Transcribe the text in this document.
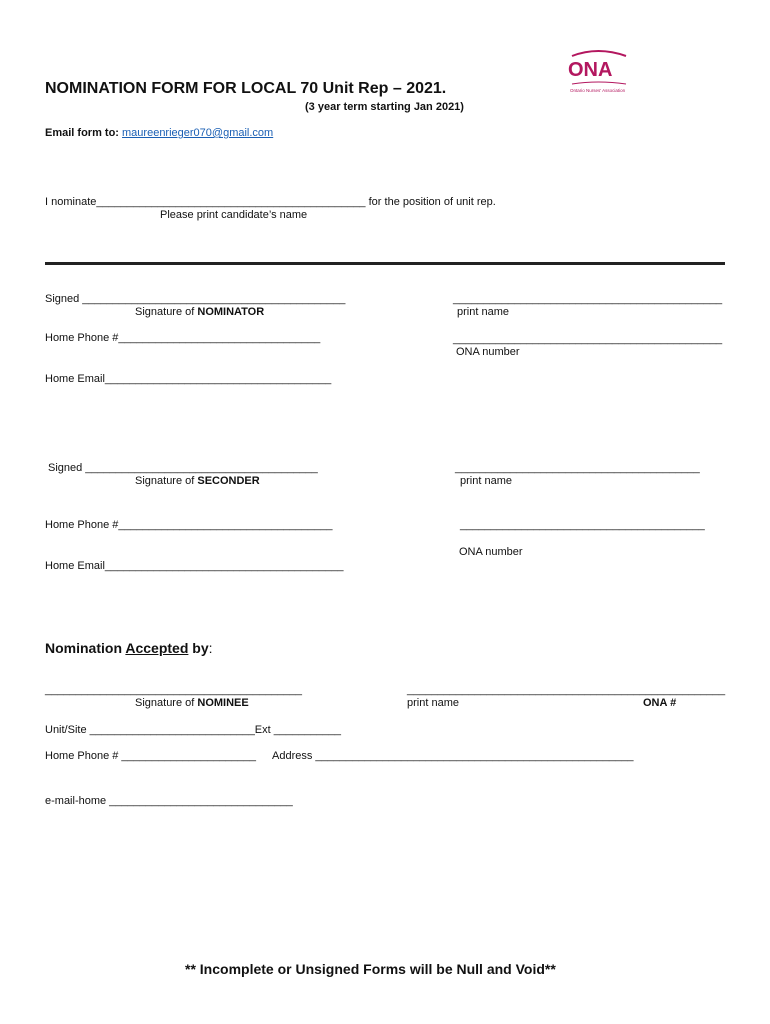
ONA
Ontario Nurses' Association
NOMINATION FORM FOR LOCAL 70 Unit Rep – 2021.
(3 year term starting Jan 2021)
Email form to: maureenrieger070@gmail.com
I nominate____________________________________________ for the position of unit rep.
Please print candidate’s name
Signed ___________________________________________	____________________________________________
Signature of NOMINATOR	print name
Home Phone #_________________________________	____________________________________________
ONA number
Home Email_____________________________________
Signed ______________________________________	________________________________________
Signature of SECONDER	print name
Home Phone #___________________________________	________________________________________
ONA number
Home Email_______________________________________
Nomination Accepted by:
__________________________________________	____________________________________________________
Signature of NOMINEE	print name	ONA #
Unit/Site ___________________________Ext ___________
Home Phone # ______________________ Address ____________________________________________________
e-mail-home ______________________________
** Incomplete or Unsigned Forms will be Null and Void**
